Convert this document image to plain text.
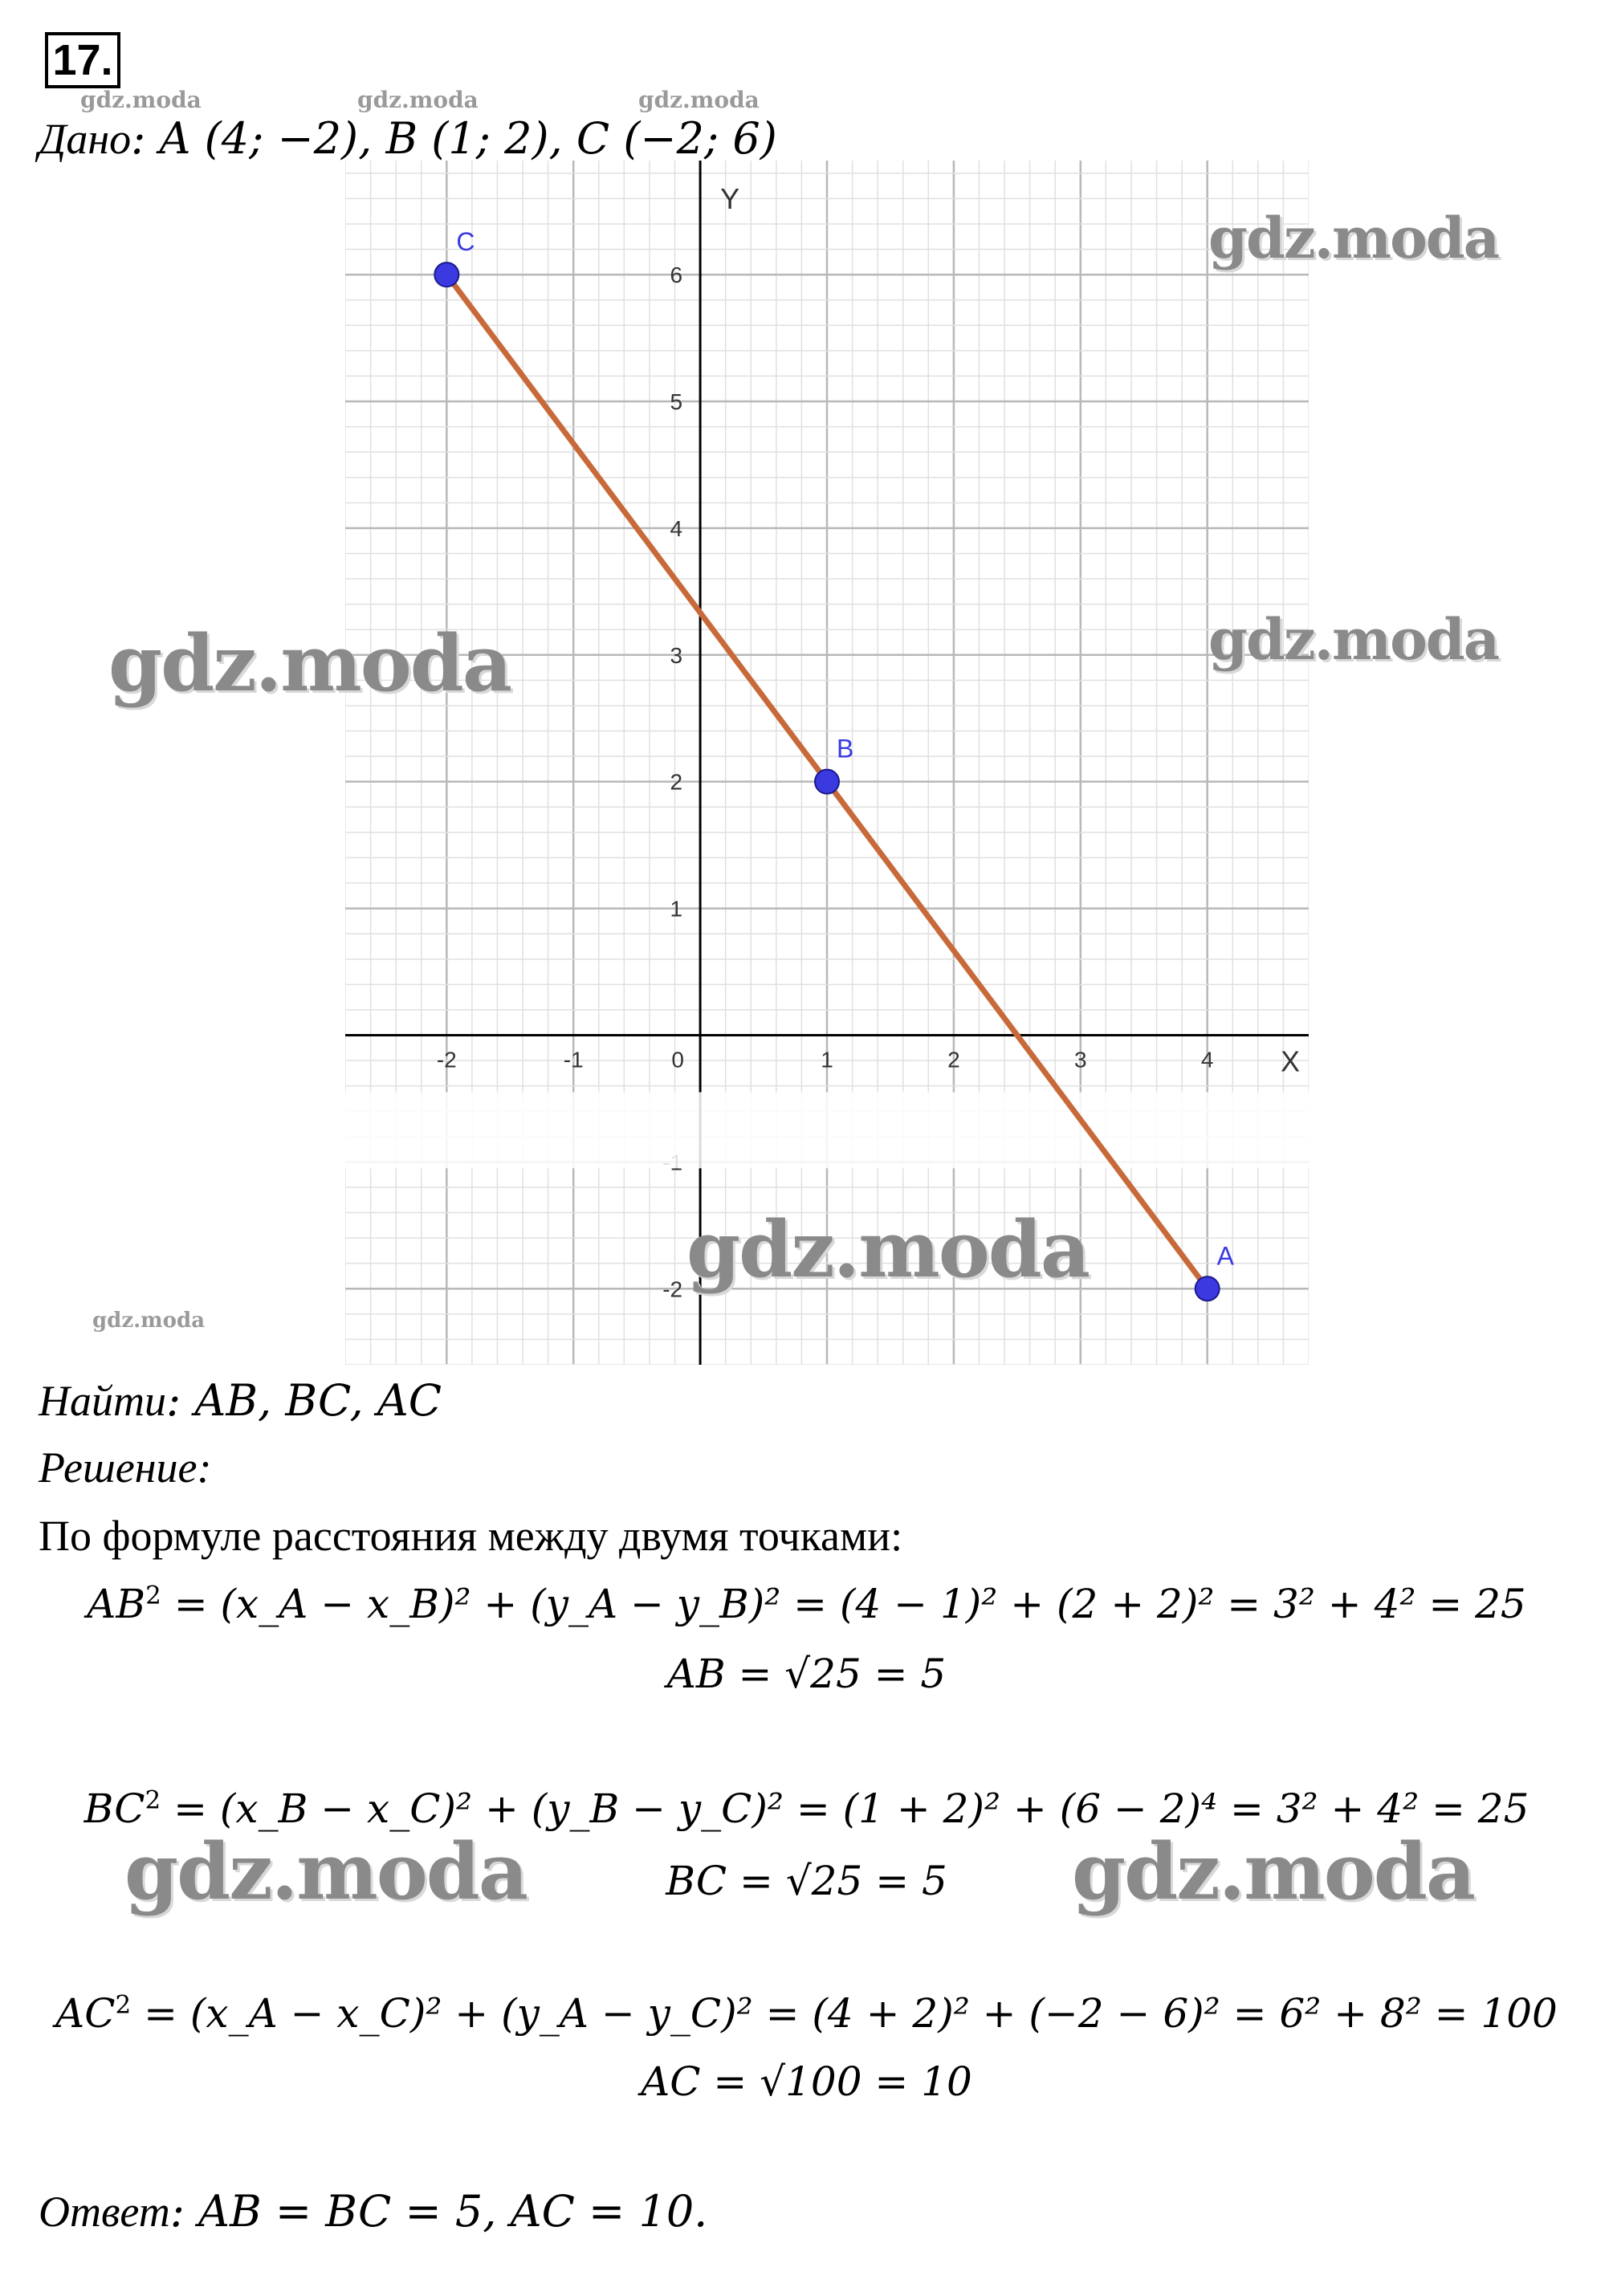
17.
gdz.moda	gdz.moda	gdz.moda
Дано: A (4; −2), B (1; 2), C (−2; 6)
-2	-1	0	1	2	3	4
-2
1
2
3
4
5
6
X
Y
A
B
C	gdz.moda
gdz.moda
gdz.moda
gdz.moda
gdz.moda
Найти: AB, BC, AC
Решение:
По формуле расстояния между двумя точками:
$AB^2$ = (x_A − x_B)² + (y_A − y_B)² = (4 − 1)² + (2 + 2)² = 3² + 4² = 25
AB = √25 = 5
$BC^2$ = (x_B − x_C)² + (y_B − y_C)² = (1 + 2)² + (6 − 2)⁴ = 3² + 4² = 25
gdz.moda	gdz.moda
BC = √25 = 5
$AC^2$ = (x_A − x_C)² + (y_A − y_C)² = (4 + 2)² + (−2 − 6)² = 6² + 8² = 100
AC = √100 = 10
Ответ: AB = BC = 5, AC = 10.
